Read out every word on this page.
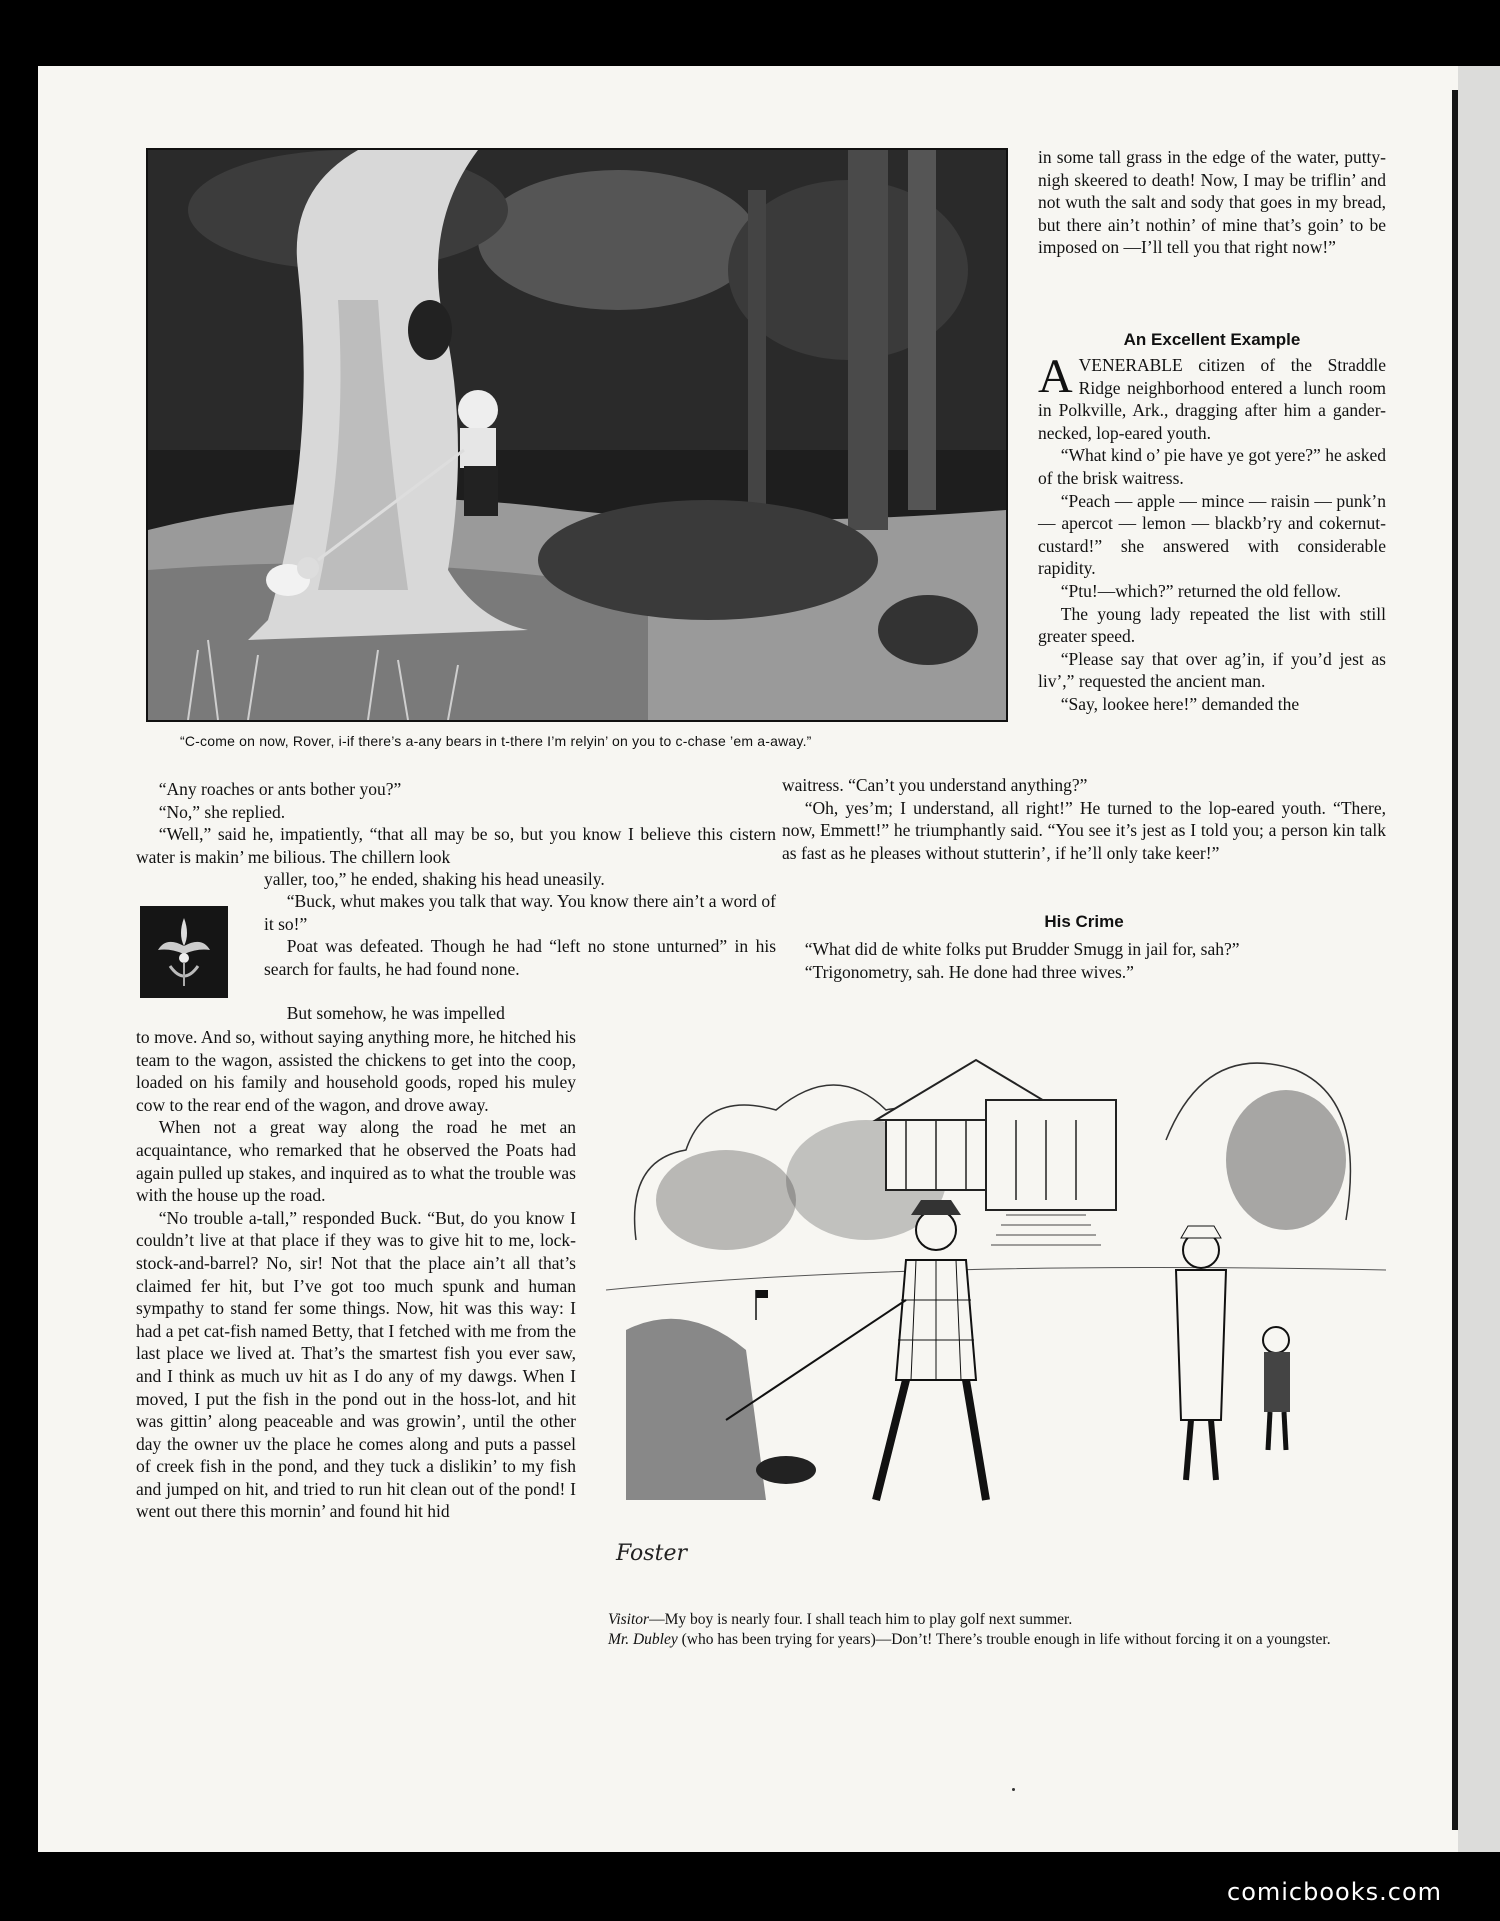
“C-come on now, Rover, i-if there’s a-any bears in t-there I’m relyin’ on you to c-chase ’em a-away.”

in some tall grass in the edge of the water, putty-nigh skeered to death! Now, I may be triflin’ and not wuth the salt and sody that goes in my bread, but there ain’t nothin’ of mine that’s goin’ to be imposed on —I’ll tell you that right now!”

An Excellent Example

AVENERABLE citizen of the Straddle Ridge neighborhood entered a lunch room in Polkville, Ark., dragging after him a gander-necked, lop-eared youth.

“What kind o’ pie have ye got yere?” he asked of the brisk waitress.

“Peach — apple — mince — raisin — punk’n — apercot — lemon — blackb’ry and cokernut-custard!” she answered with considerable rapidity.

“Ptu!—which?” returned the old fellow.

The young lady repeated the list with still greater speed.

“Please say that over ag’in, if you’d jest as liv’,” requested the ancient man.

“Say, lookee here!” demanded the

waitress. “Can’t you understand anything?”

“Oh, yes’m; I understand, all right!” He turned to the lop-eared youth. “There, now, Emmett!” he triumphantly said. “You see it’s jest as I told you; a person kin talk as fast as he pleases without stutterin’, if he’ll only take keer!”

His Crime

“What did de white folks put Brudder Smugg in jail for, sah?”

“Trigonometry, sah. He done had three wives.”

“Any roaches or ants bother you?”

“No,” she replied.

“Well,” said he, impatiently, “that all may be so, but you know I believe this cistern water is makin’ me bilious. The chillern look

yaller, too,” he ended, shaking his head uneasily.

“Buck, whut makes you talk that way. You know there ain’t a word of it so!”

Poat was defeated. Though he had “left no stone unturned” in his search for faults, he had found none.

But somehow, he was impelled

to move. And so, without saying anything more, he hitched his team to the wagon, assisted the chickens to get into the coop, loaded on his family and household goods, roped his muley cow to the rear end of the wagon, and drove away.

When not a great way along the road he met an acquaintance, who remarked that he observed the Poats had again pulled up stakes, and inquired as to what the trouble was with the house up the road.

“No trouble a-tall,” responded Buck. “But, do you know I couldn’t live at that place if they was to give hit to me, lock-stock-and-barrel? No, sir! Not that the place ain’t all that’s claimed fer hit, but I’ve got too much spunk and human sympathy to stand fer some things. Now, hit was this way: I had a pet cat-fish named Betty, that I fetched with me from the last place we lived at. That’s the smartest fish you ever saw, and I think as much uv hit as I do any of my dawgs. When I moved, I put the fish in the pond out in the hoss-lot, and hit was gittin’ along peaceable and was growin’, until the other day the owner uv the place he comes along and puts a passel of creek fish in the pond, and they tuck a dislikin’ to my fish and jumped on hit, and tried to run hit clean out of the pond! I went out there this mornin’ and found hit hid

Foster
Visitor—My boy is nearly four. I shall teach him to play golf next summer.
Mr. Dubley (who has been trying for years)—Don’t! There’s trouble enough in life without forcing it on a youngster.
comicbooks.com
